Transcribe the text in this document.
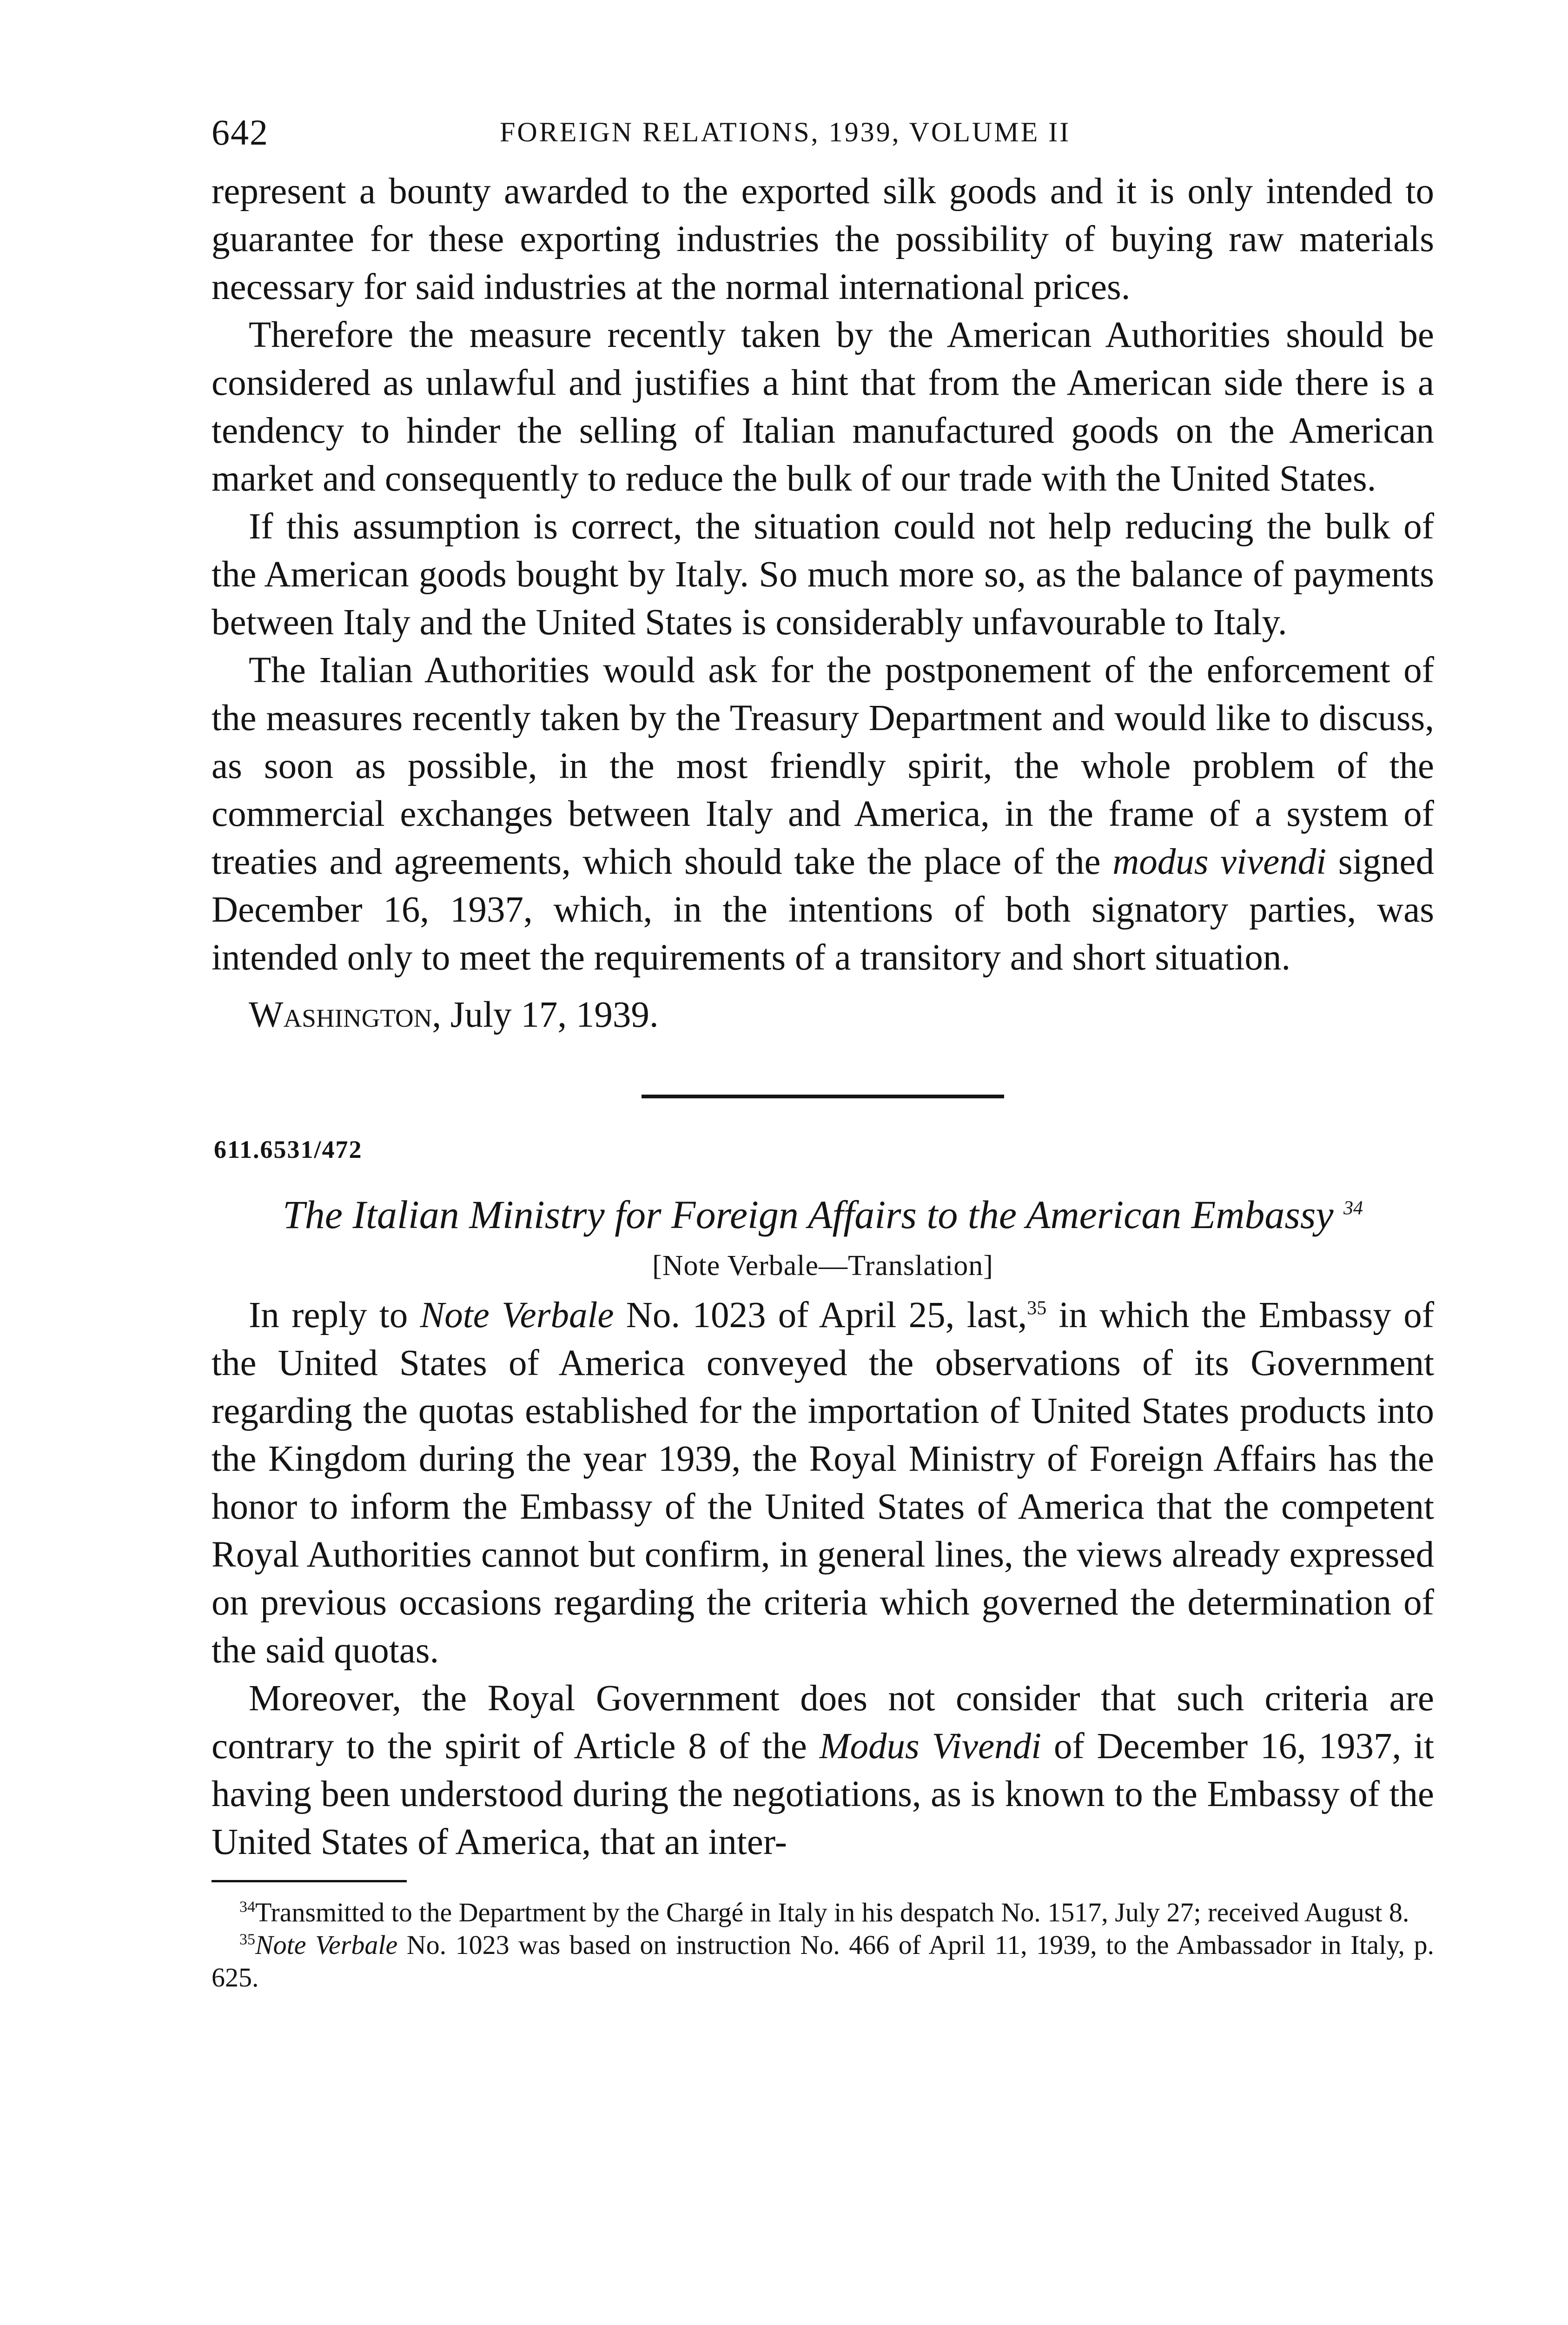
642	FOREIGN RELATIONS, 1939, VOLUME II

represent a bounty awarded to the exported silk goods and it is only intended to guarantee for these exporting industries the possibility of buying raw materials necessary for said industries at the normal international prices.

Therefore the measure recently taken by the American Authorities should be considered as unlawful and justifies a hint that from the American side there is a tendency to hinder the selling of Italian manufactured goods on the American market and consequently to reduce the bulk of our trade with the United States.

If this assumption is correct, the situation could not help reducing the bulk of the American goods bought by Italy. So much more so, as the balance of payments between Italy and the United States is considerably unfavourable to Italy.

The Italian Authorities would ask for the postponement of the enforcement of the measures recently taken by the Treasury Department and would like to discuss, as soon as possible, in the most friendly spirit, the whole problem of the commercial exchanges between Italy and America, in the frame of a system of treaties and agreements, which should take the place of the modus vivendi signed December 16, 1937, which, in the intentions of both signatory parties, was intended only to meet the requirements of a transitory and short situation.

Washington, July 17, 1939.
611.6531/472
The Italian Ministry for Foreign Affairs to the American Embassy $^{34}$
[Note Verbale—Translation]

In reply to Note Verbale No. 1023 of April 25, last,$^{35}$ in which the Embassy of the United States of America conveyed the observations of its Government regarding the quotas established for the importation of United States products into the Kingdom during the year 1939, the Royal Ministry of Foreign Affairs has the honor to inform the Embassy of the United States of America that the competent Royal Authorities cannot but confirm, in general lines, the views already expressed on previous occasions regarding the criteria which governed the determination of the said quotas.

Moreover, the Royal Government does not consider that such criteria are contrary to the spirit of Article 8 of the Modus Vivendi of December 16, 1937, it having been understood during the negotiations, as is known to the Embassy of the United States of America, that an inter-

$^{34}$Transmitted to the Department by the Chargé in Italy in his despatch No. 1517, July 27; received August 8.

$^{35}$Note Verbale No. 1023 was based on instruction No. 466 of April 11, 1939, to the Ambassador in Italy, p. 625.
